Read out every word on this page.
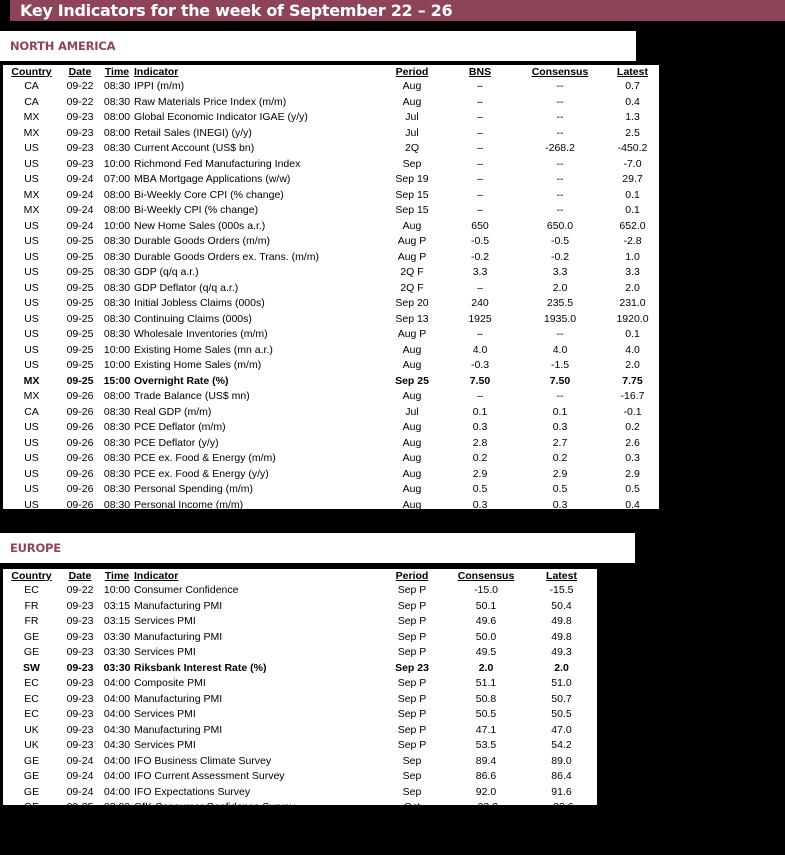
Key Indicators for the week of September 22 – 26
NORTH AMERICA
Country	Date	Time	Indicator	Period	BNS	Consensus	Latest
CA	09-22	08:30	IPPI (m/m)	Aug	–	--	0.7
CA	09-22	08:30	Raw Materials Price Index (m/m)	Aug	–	--	0.4
MX	09-23	08:00	Global Economic Indicator IGAE (y/y)	Jul	–	--	1.3
MX	09-23	08:00	Retail Sales (INEGI) (y/y)	Jul	–	--	2.5
US	09-23	08:30	Current Account (US$ bn)	2Q	–	-268.2	-450.2
US	09-23	10:00	Richmond Fed Manufacturing Index	Sep	–	--	-7.0
US	09-24	07:00	MBA Mortgage Applications (w/w)	Sep 19	–	--	29.7
MX	09-24	08:00	Bi-Weekly Core CPI (% change)	Sep 15	–	--	0.1
MX	09-24	08:00	Bi-Weekly CPI (% change)	Sep 15	–	--	0.1
US	09-24	10:00	New Home Sales (000s a.r.)	Aug	650	650.0	652.0
US	09-25	08:30	Durable Goods Orders (m/m)	Aug P	-0.5	-0.5	-2.8
US	09-25	08:30	Durable Goods Orders ex. Trans. (m/m)	Aug P	-0.2	-0.2	1.0
US	09-25	08:30	GDP (q/q a.r.)	2Q F	3.3	3.3	3.3
US	09-25	08:30	GDP Deflator (q/q a.r.)	2Q F	–	2.0	2.0
US	09-25	08:30	Initial Jobless Claims (000s)	Sep 20	240	235.5	231.0
US	09-25	08:30	Continuing Claims (000s)	Sep 13	1925	1935.0	1920.0
US	09-25	08:30	Wholesale Inventories (m/m)	Aug P	–	--	0.1
US	09-25	10:00	Existing Home Sales (mn a.r.)	Aug	4.0	4.0	4.0
US	09-25	10:00	Existing Home Sales (m/m)	Aug	-0.3	-1.5	2.0
MX	09-25	15:00	Overnight Rate (%)	Sep 25	7.50	7.50	7.75
MX	09-26	08:00	Trade Balance (US$ mn)	Aug	–	--	-16.7
CA	09-26	08:30	Real GDP (m/m)	Jul	0.1	0.1	-0.1
US	09-26	08:30	PCE Deflator (m/m)	Aug	0.3	0.3	0.2
US	09-26	08:30	PCE Deflator (y/y)	Aug	2.8	2.7	2.6
US	09-26	08:30	PCE ex. Food & Energy (m/m)	Aug	0.2	0.2	0.3
US	09-26	08:30	PCE ex. Food & Energy (y/y)	Aug	2.9	2.9	2.9
US	09-26	08:30	Personal Spending (m/m)	Aug	0.5	0.5	0.5
US	09-26	08:30	Personal Income (m/m)	Aug	0.3	0.3	0.4
US	09-26	10:00	U. of Michigan Consumer Sentiment	Sep F	–	55.4	55.4
EUROPE
Country	Date	Time	Indicator	Period	Consensus	Latest
EC	09-22	10:00	Consumer Confidence	Sep P	-15.0	-15.5
FR	09-23	03:15	Manufacturing PMI	Sep P	50.1	50.4
FR	09-23	03:15	Services PMI	Sep P	49.6	49.8
GE	09-23	03:30	Manufacturing PMI	Sep P	50.0	49.8
GE	09-23	03:30	Services PMI	Sep P	49.5	49.3
SW	09-23	03:30	Riksbank Interest Rate (%)	Sep 23	2.0	2.0
EC	09-23	04:00	Composite PMI	Sep P	51.1	51.0
EC	09-23	04:00	Manufacturing PMI	Sep P	50.8	50.7
EC	09-23	04:00	Services PMI	Sep P	50.5	50.5
UK	09-23	04:30	Manufacturing PMI	Sep P	47.1	47.0
UK	09-23	04:30	Services PMI	Sep P	53.5	54.2
GE	09-24	04:00	IFO Business Climate Survey	Sep	89.4	89.0
GE	09-24	04:00	IFO Current Assessment Survey	Sep	86.6	86.4
GE	09-24	04:00	IFO Expectations Survey	Sep	92.0	91.6
GE	09-25	02:00	GfK Consumer Confidence Survey	Oct	-23.2	-23.6
SP	09-26	03:00	Real GDP (q/q)	2Q F	0.7	0.7
